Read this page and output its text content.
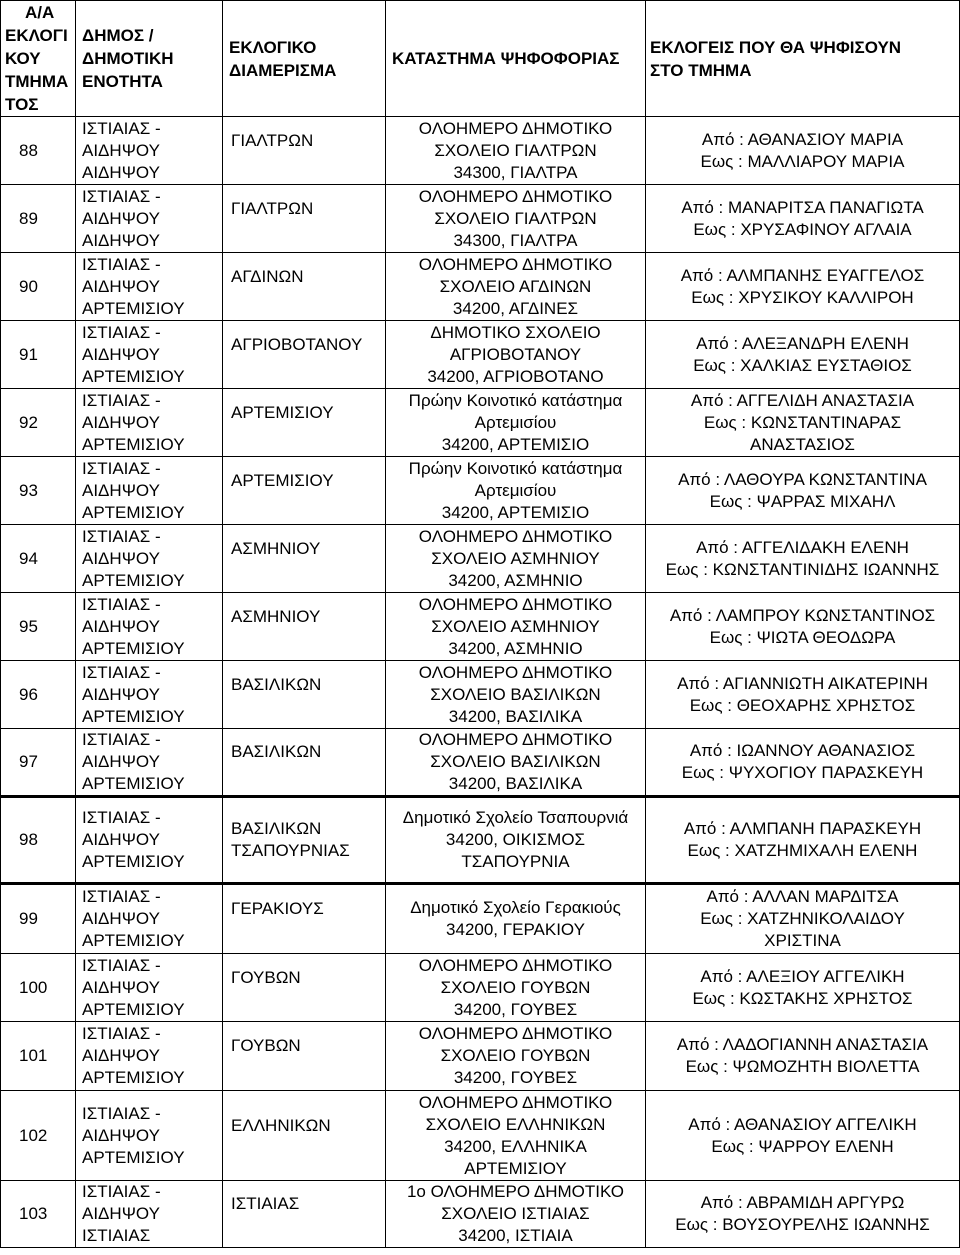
Α/Α
ΕΚΛΟΓΙ
ΚΟΥ
ΤΜΗΜΑ
ΤΟΣ	ΔΗΜΟΣ /
ΔΗΜΟΤΙΚΗ
ΕΝΟΤΗΤΑ	ΕΚΛΟΓΙΚΟ
ΔΙΑΜΕΡΙΣΜΑ	ΚΑΤΑΣΤΗΜΑ ΨΗΦΟΦΟΡΙΑΣ	ΕΚΛΟΓΕΙΣ ΠΟΥ ΘΑ ΨΗΦΙΣΟΥΝ
ΣΤΟ ΤΜΗΜΑ

88	ΙΣΤΙΑΙΑΣ -
ΑΙΔΗΨΟΥ
ΑΙΔΗΨΟΥ	ΓΙΑΛΤΡΩΝ	ΟΛΟΗΜΕΡΟ ΔΗΜΟΤΙΚΟ
ΣΧΟΛΕΙΟ ΓΙΑΛΤΡΩΝ
34300, ΓΙΑΛΤΡΑ	Από : ΑΘΑΝΑΣΙΟΥ ΜΑΡΙΑ
Εως : ΜΑΛΛΙΑΡΟΥ ΜΑΡΙΑ

89	ΙΣΤΙΑΙΑΣ -
ΑΙΔΗΨΟΥ
ΑΙΔΗΨΟΥ	ΓΙΑΛΤΡΩΝ	ΟΛΟΗΜΕΡΟ ΔΗΜΟΤΙΚΟ
ΣΧΟΛΕΙΟ ΓΙΑΛΤΡΩΝ
34300, ΓΙΑΛΤΡΑ	Από : ΜΑΝΑΡΙΤΣΑ ΠΑΝΑΓΙΩΤΑ
Εως : ΧΡΥΣΑΦΙΝΟΥ ΑΓΛΑΙΑ

90	ΙΣΤΙΑΙΑΣ -
ΑΙΔΗΨΟΥ
ΑΡΤΕΜΙΣΙΟΥ	ΑΓΔΙΝΩΝ	ΟΛΟΗΜΕΡΟ ΔΗΜΟΤΙΚΟ
ΣΧΟΛΕΙΟ ΑΓΔΙΝΩΝ
34200, ΑΓΔΙΝΕΣ	Από : ΑΛΜΠΑΝΗΣ ΕΥΑΓΓΕΛΟΣ
Εως : ΧΡΥΣΙΚΟΥ ΚΑΛΛΙΡΟΗ

91	ΙΣΤΙΑΙΑΣ -
ΑΙΔΗΨΟΥ
ΑΡΤΕΜΙΣΙΟΥ	ΑΓΡΙΟΒΟΤΑΝΟΥ	ΔΗΜΟΤΙΚΟ ΣΧΟΛΕΙΟ
ΑΓΡΙΟΒΟΤΑΝΟΥ
34200, ΑΓΡΙΟΒΟΤΑΝΟ	Από : ΑΛΕΞΑΝΔΡΗ ΕΛΕΝΗ
Εως : ΧΑΛΚΙΑΣ ΕΥΣΤΑΘΙΟΣ

92	ΙΣΤΙΑΙΑΣ -
ΑΙΔΗΨΟΥ
ΑΡΤΕΜΙΣΙΟΥ	ΑΡΤΕΜΙΣΙΟΥ	Πρώην Κοινοτικό κατάστημα
Αρτεμισίου
34200, ΑΡΤΕΜΙΣΙΟ	Από : ΑΓΓΕΛΙΔΗ ΑΝΑΣΤΑΣΙΑ
Εως : ΚΩΝΣΤΑΝΤΙΝΑΡΑΣ
ΑΝΑΣΤΑΣΙΟΣ

93	ΙΣΤΙΑΙΑΣ -
ΑΙΔΗΨΟΥ
ΑΡΤΕΜΙΣΙΟΥ	ΑΡΤΕΜΙΣΙΟΥ	Πρώην Κοινοτικό κατάστημα
Αρτεμισίου
34200, ΑΡΤΕΜΙΣΙΟ	Από : ΛΑΘΟΥΡΑ ΚΩΝΣΤΑΝΤΙΝΑ
Εως : ΨΑΡΡΑΣ ΜΙΧΑΗΛ

94	ΙΣΤΙΑΙΑΣ -
ΑΙΔΗΨΟΥ
ΑΡΤΕΜΙΣΙΟΥ	ΑΣΜΗΝΙΟΥ	ΟΛΟΗΜΕΡΟ ΔΗΜΟΤΙΚΟ
ΣΧΟΛΕΙΟ ΑΣΜΗΝΙΟΥ
34200, ΑΣΜΗΝΙΟ	Από : ΑΓΓΕΛΙΔΑΚΗ ΕΛΕΝΗ
Εως : ΚΩΝΣΤΑΝΤΙΝΙΔΗΣ ΙΩΑΝΝΗΣ

95	ΙΣΤΙΑΙΑΣ -
ΑΙΔΗΨΟΥ
ΑΡΤΕΜΙΣΙΟΥ	ΑΣΜΗΝΙΟΥ	ΟΛΟΗΜΕΡΟ ΔΗΜΟΤΙΚΟ
ΣΧΟΛΕΙΟ ΑΣΜΗΝΙΟΥ
34200, ΑΣΜΗΝΙΟ	Από : ΛΑΜΠΡΟΥ ΚΩΝΣΤΑΝΤΙΝΟΣ
Εως : ΨΙΩΤΑ ΘΕΟΔΩΡΑ

96	ΙΣΤΙΑΙΑΣ -
ΑΙΔΗΨΟΥ
ΑΡΤΕΜΙΣΙΟΥ	ΒΑΣΙΛΙΚΩΝ	ΟΛΟΗΜΕΡΟ ΔΗΜΟΤΙΚΟ
ΣΧΟΛΕΙΟ ΒΑΣΙΛΙΚΩΝ
34200, ΒΑΣΙΛΙΚΑ	Από : ΑΓΙΑΝΝΙΩΤΗ ΑΙΚΑΤΕΡΙΝΗ
Εως : ΘΕΟΧΑΡΗΣ ΧΡΗΣΤΟΣ

97	ΙΣΤΙΑΙΑΣ -
ΑΙΔΗΨΟΥ
ΑΡΤΕΜΙΣΙΟΥ	ΒΑΣΙΛΙΚΩΝ	ΟΛΟΗΜΕΡΟ ΔΗΜΟΤΙΚΟ
ΣΧΟΛΕΙΟ ΒΑΣΙΛΙΚΩΝ
34200, ΒΑΣΙΛΙΚΑ	Από : ΙΩΑΝΝΟΥ ΑΘΑΝΑΣΙΟΣ
Εως : ΨΥΧΟΓΙΟΥ ΠΑΡΑΣΚΕΥΗ

98	ΙΣΤΙΑΙΑΣ -
ΑΙΔΗΨΟΥ
ΑΡΤΕΜΙΣΙΟΥ	ΒΑΣΙΛΙΚΩΝ
ΤΣΑΠΟΥΡΝΙΑΣ	Δημοτικό Σχολείο Τσαπουρνιά
34200, ΟΙΚΙΣΜΟΣ
ΤΣΑΠΟΥΡΝΙΑ	Από : ΑΛΜΠΑΝΗ ΠΑΡΑΣΚΕΥΗ
Εως : ΧΑΤΖΗΜΙΧΑΛΗ ΕΛΕΝΗ

99	ΙΣΤΙΑΙΑΣ -
ΑΙΔΗΨΟΥ
ΑΡΤΕΜΙΣΙΟΥ	ΓΕΡΑΚΙΟΥΣ	Δημοτικό Σχολείο Γερακιούς
34200, ΓΕΡΑΚΙΟΥ	Από : ΑΛΛΑΝ ΜΑΡΔΙΤΣΑ
Εως : ΧΑΤΖΗΝΙΚΟΛΑΙΔΟΥ
ΧΡΙΣΤΙΝΑ

100	ΙΣΤΙΑΙΑΣ -
ΑΙΔΗΨΟΥ
ΑΡΤΕΜΙΣΙΟΥ	ΓΟΥΒΩΝ	ΟΛΟΗΜΕΡΟ ΔΗΜΟΤΙΚΟ
ΣΧΟΛΕΙΟ ΓΟΥΒΩΝ
34200, ΓΟΥΒΕΣ	Από : ΑΛΕΞΙΟΥ ΑΓΓΕΛΙΚΗ
Εως : ΚΩΣΤΑΚΗΣ ΧΡΗΣΤΟΣ

101	ΙΣΤΙΑΙΑΣ -
ΑΙΔΗΨΟΥ
ΑΡΤΕΜΙΣΙΟΥ	ΓΟΥΒΩΝ	ΟΛΟΗΜΕΡΟ ΔΗΜΟΤΙΚΟ
ΣΧΟΛΕΙΟ ΓΟΥΒΩΝ
34200, ΓΟΥΒΕΣ	Από : ΛΑΔΟΓΙΑΝΝΗ ΑΝΑΣΤΑΣΙΑ
Εως : ΨΩΜΟΖΗΤΗ ΒΙΟΛΕΤΤΑ

102	ΙΣΤΙΑΙΑΣ -
ΑΙΔΗΨΟΥ
ΑΡΤΕΜΙΣΙΟΥ	ΕΛΛΗΝΙΚΩΝ	ΟΛΟΗΜΕΡΟ ΔΗΜΟΤΙΚΟ
ΣΧΟΛΕΙΟ ΕΛΛΗΝΙΚΩΝ
34200, ΕΛΛΗΝΙΚΑ
ΑΡΤΕΜΙΣΙΟΥ	Από : ΑΘΑΝΑΣΙΟΥ ΑΓΓΕΛΙΚΗ
Εως : ΨΑΡΡΟΥ ΕΛΕΝΗ

103	ΙΣΤΙΑΙΑΣ -
ΑΙΔΗΨΟΥ
ΙΣΤΙΑΙΑΣ	ΙΣΤΙΑΙΑΣ	1ο ΟΛΟΗΜΕΡΟ ΔΗΜΟΤΙΚΟ
ΣΧΟΛΕΙΟ ΙΣΤΙΑΙΑΣ
34200, ΙΣΤΙΑΙΑ	Από : ΑΒΡΑΜΙΔΗ ΑΡΓΥΡΩ
Εως : ΒΟΥΣΟΥΡΕΛΗΣ ΙΩΑΝΝΗΣ
